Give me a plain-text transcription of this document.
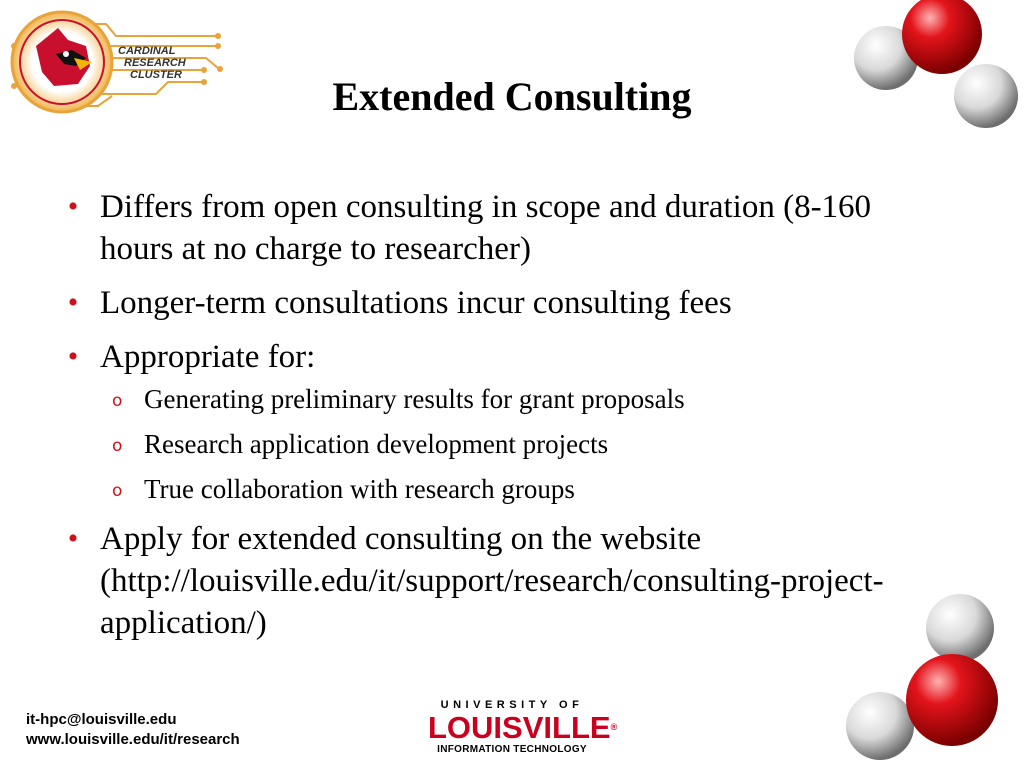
CARDINAL
RESEARCH
CLUSTER	Extended Consulting
• Differs from open consulting in scope and duration (8-160 hours at no charge to researcher)
• Longer-term consultations incur consulting fees
• Appropriate for:
o Generating preliminary results for grant proposals
o Research application development projects
o True collaboration with research groups
• Apply for extended consulting on the website (http://louisville.edu/it/support/research/consulting-project-application/)
it-hpc@louisville.edu
www.louisville.edu/it/research
UNIVERSITY OF
LOUISVILLE®
INFORMATION TECHNOLOGY
